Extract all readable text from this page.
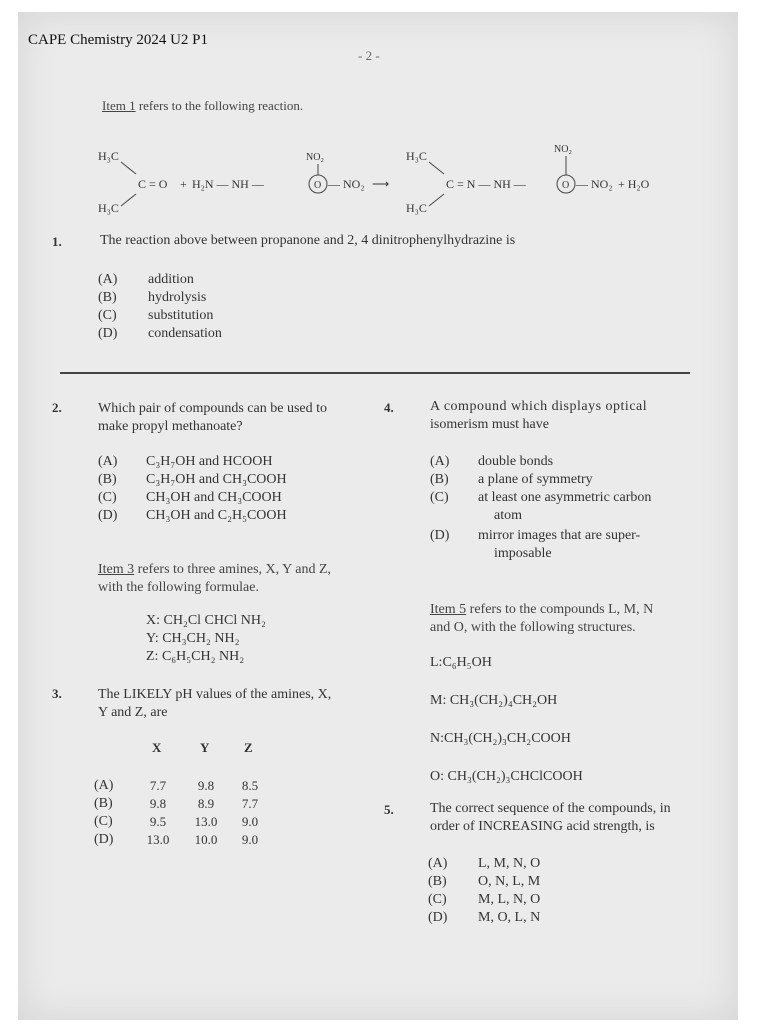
CAPE Chemistry 2024 U2 P1
- 2 -
Item 1 refers to the following reaction.
H₃C
H₃C
C = O + H₂N — NH —	O
NO₂
— NO₂ ⟶
H₃C
H₃C
C = N — NH —	O
NO₂
— NO₂ + H₂O
1.	The reaction above between propanone and 2, 4 dinitrophenylhydrazine is
(A) addition
(B) hydrolysis
(C) substitution
(D) condensation
2.	Which pair of compounds can be used to
make propyl methanoate?
(A) C₃H₇OH and HCOOH
(B) C₃H₇OH and CH₃COOH
(C) CH₃OH and CH₃COOH
(D) CH₃OH and C₂H₅COOH
Item 3 refers to three amines, X, Y and Z,
with the following formulae.
X: CH₂Cl CHCl NH₂
Y: CH₃CH₂ NH₂
Z: C₆H₅CH₂ NH₂
3.	The LIKELY pH values of the amines, X,
Y and Z, are
X	Y	Z
(A)	7.7	9.8	8.5
(B)	9.8	8.9	7.7
(C)	9.5	13.0	9.0
(D)	13.0	10.0	9.0
4.	A compound which displays optical
isomerism must have
(A) double bonds
(B) a plane of symmetry
(C) at least one asymmetric carbon
atom
(D) mirror images that are super-
imposable
Item 5 refers to the compounds L, M, N
and O, with the following structures.
L:C₆H₅OH
M: CH₃(CH₂)₄CH₂OH
N:CH₃(CH₂)₃CH₂COOH
O: CH₃(CH₂)₃CHClCOOH
5.	The correct sequence of the compounds, in
order of INCREASING acid strength, is
(A) L, M, N, O
(B) O, N, L, M
(C) M, L, N, O
(D) M, O, L, N
